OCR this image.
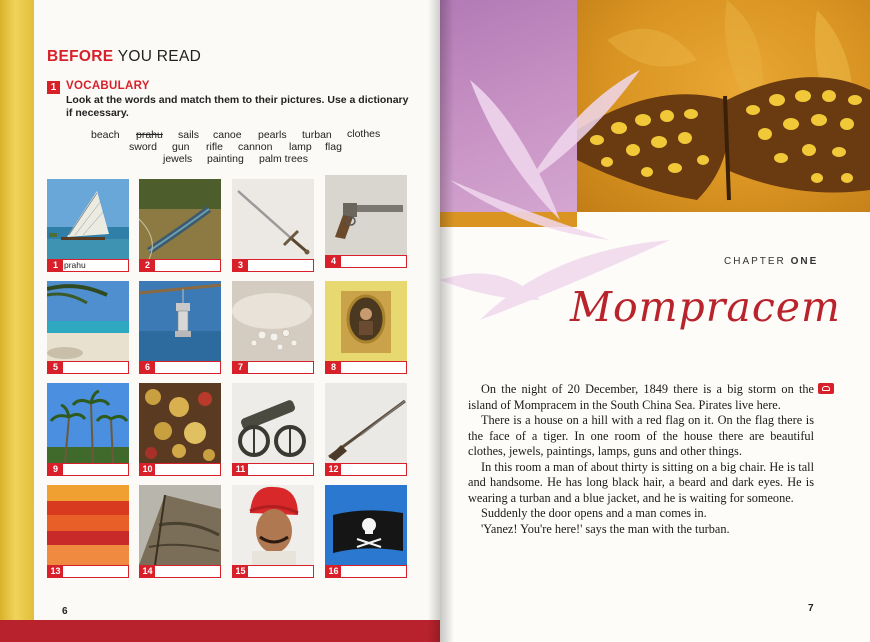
BEFORE YOU READ
1 VOCABULARY
Look at the words and match them to their pictures. Use a dictionary if necessary.
beach prahu sails canoe pearls turban clothes
sword gun rifle cannon lamp flag
jewels painting palm trees
1 prahu	2	3	4
5	6	7	8
9	10	11	12
13	14	15	16
6
CHAPTER ONE
Mompracem

On the night of 20 December, 1849 there is a big storm on the island of Mompracem in the South China Sea. Pirates live here.

There is a house on a hill with a red flag on it. On the flag there is the face of a tiger. In one room of the house there are beautiful clothes, jewels, paintings, lamps, guns and other things.

In this room a man of about thirty is sitting on a big chair. He is tall and handsome. He has long black hair, a beard and dark eyes. He is wearing a turban and a blue jacket, and he is waiting for someone.

Suddenly the door opens and a man comes in.

'Yanez! You're here!' says the man with the turban.

7
